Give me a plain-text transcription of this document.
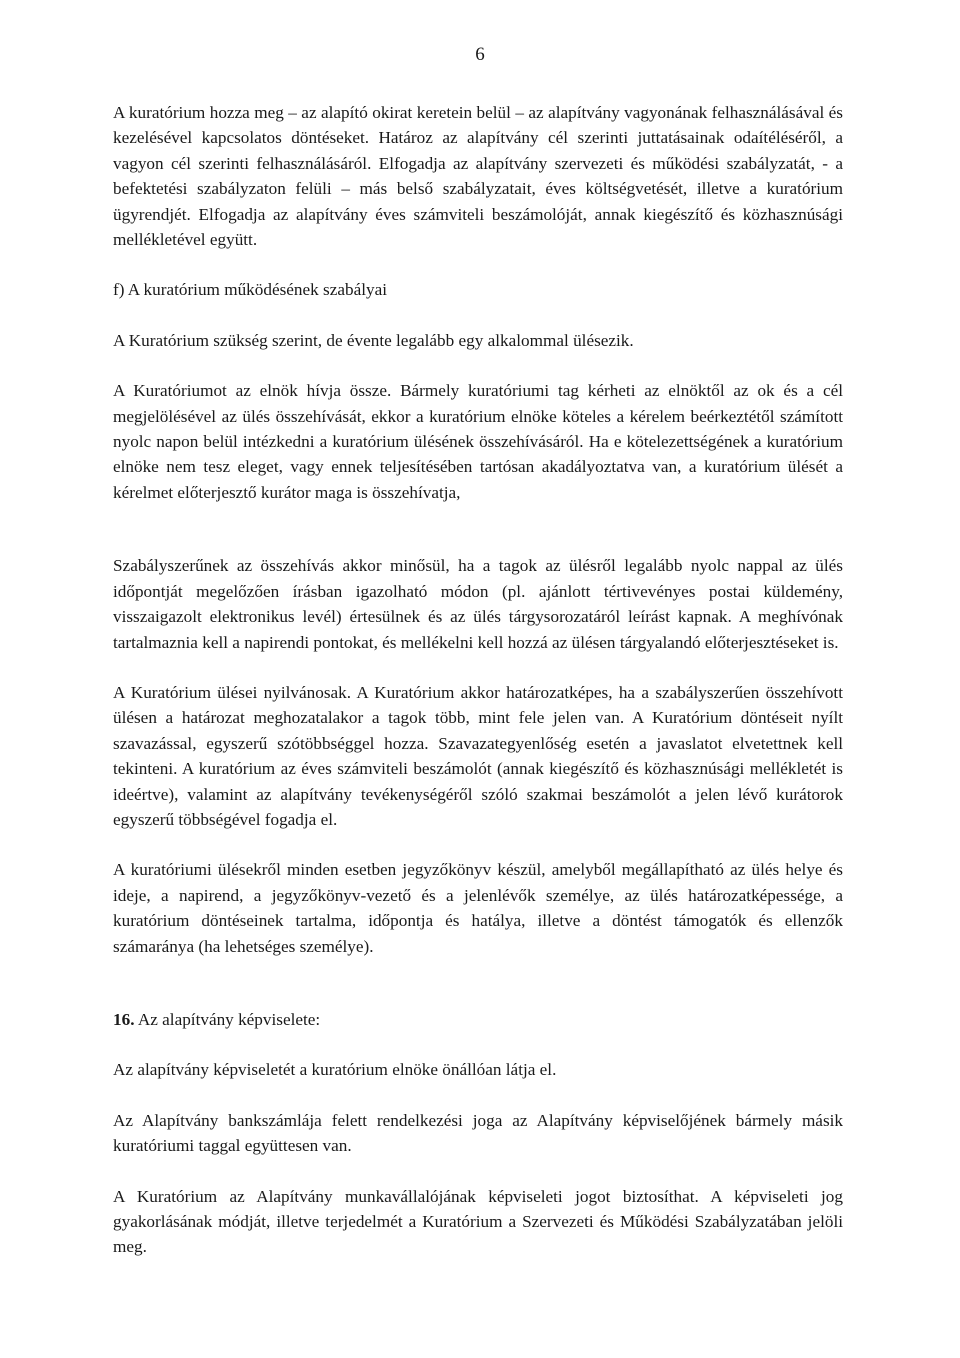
6

A kuratórium hozza meg – az alapító okirat keretein belül – az alapítvány vagyonának felhasználásával és kezelésével kapcsolatos döntéseket. Határoz az alapítvány cél szerinti juttatásainak odaítéléséről, a vagyon cél szerinti felhasználásáról. Elfogadja az alapítvány szervezeti és működési szabályzatát, - a befektetési szabályzaton felüli – más belső szabályzatait, éves költségvetését, illetve a kuratórium ügyrendjét. Elfogadja az alapítvány éves számviteli beszámolóját, annak kiegészítő és közhasznúsági mellékletével együtt.

f) A kuratórium működésének szabályai

A Kuratórium szükség szerint, de évente legalább egy alkalommal ülésezik.

A Kuratóriumot az elnök hívja össze. Bármely kuratóriumi tag kérheti az elnöktől az ok és a cél megjelölésével az ülés összehívását, ekkor a kuratórium elnöke köteles a kérelem beérkeztétől számított nyolc napon belül intézkedni a kuratórium ülésének összehívásáról. Ha e kötelezettségének a kuratórium elnöke nem tesz eleget, vagy ennek teljesítésében tartósan akadályoztatva van, a kuratórium ülését a kérelmet előterjesztő kurátor maga is összehívatja,

Szabályszerűnek az összehívás akkor minősül, ha a tagok az ülésről legalább nyolc nappal az ülés időpontját megelőzően írásban igazolható módon (pl. ajánlott tértivevényes postai küldemény, visszaigazolt elektronikus levél) értesülnek és az ülés tárgysorozatáról leírást kapnak. A meghívónak tartalmaznia kell a napirendi pontokat, és mellékelni kell hozzá az ülésen tárgyalandó előterjesztéseket is.

A Kuratórium ülései nyilvánosak. A Kuratórium akkor határozatképes, ha a szabályszerűen összehívott ülésen a határozat meghozatalakor a tagok több, mint fele jelen van. A Kuratórium döntéseit nyílt szavazással, egyszerű szótöbbséggel hozza. Szavazategyenlőség esetén a javaslatot elvetettnek kell tekinteni. A kuratórium az éves számviteli beszámolót (annak kiegészítő és közhasznúsági mellékletét is ideértve), valamint az alapítvány tevékenységéről szóló szakmai beszámolót a jelen lévő kurátorok egyszerű többségével fogadja el.

A kuratóriumi ülésekről minden esetben jegyzőkönyv készül, amelyből megállapítható az ülés helye és ideje, a napirend, a jegyzőkönyv-vezető és a jelenlévők személye, az ülés határozatképessége, a kuratórium döntéseinek tartalma, időpontja és hatálya, illetve a döntést támogatók és ellenzők számaránya (ha lehetséges személye).

16. Az alapítvány képviselete:

Az alapítvány képviseletét a kuratórium elnöke önállóan látja el.

Az Alapítvány bankszámlája felett rendelkezési joga az Alapítvány képviselőjének bármely másik kuratóriumi taggal együttesen van.

A Kuratórium az Alapítvány munkavállalójának képviseleti jogot biztosíthat. A képviseleti jog gyakorlásának módját, illetve terjedelmét a Kuratórium a Szervezeti és Működési Szabályzatában jelöli meg.
